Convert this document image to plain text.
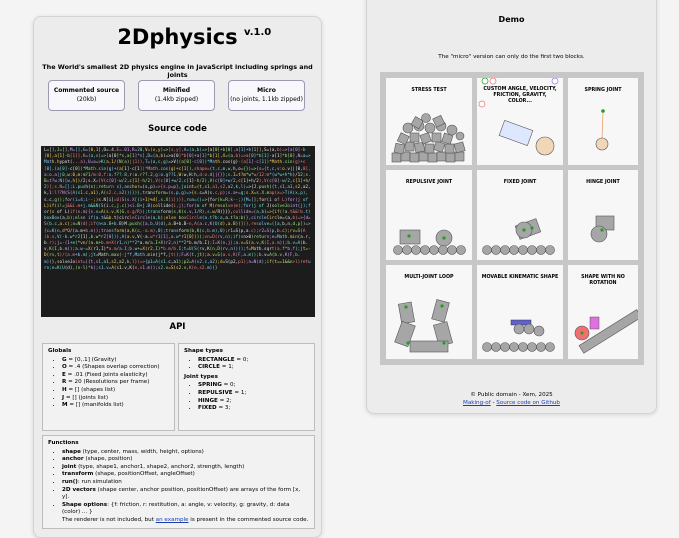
2Dphysics v.1.0
The World's smallest 2D physics engine in JavaScript including springs and joints
Commented source
(20kb)
Minified
(1.4kb zipped)
Micro
(no joints, 1.1kb zipped)
Source code
L=[],J=[],M=[],G=[0,1],O=.4,E=.01,R=20,V=(x,y)=>[x,y],A=(a,b)=>[a[0]+b[0],a[1]+b[1]],S=(a,b)=>[a[0]-b[0],a[1]-b[1]],K=(a,s)=>[a[0]*s,a[1]*s],D=(a,b)=>a[0]*b[0]+a[1]*b[1],X=(a,b)=>a[0]*b[1]-a[1]*b[0],N=a=>Math.hypot(...a),U=a=>K(a,1/(N(a)||1)),T=(a,c,g)=>V((a[0]-c[0])*Math.cos(g)-(a[1]-c[1])*Math.sin(g)+c[0],(a[0]-c[0])*Math.sin(g)+(a[1]-c[1])*Math.cos(g)+c[1]),shape=(t,c,m,w,h,o={})=>{s={t,c,v:o.v||[0,0],a:o.a||0,w:0,m:m?1/m:0,f:o.f??.8,r:o.r??.2,g:o.g??1,W:w,H:h,d:o.d||{}};s.I=t?m*w*w/12:m*(w*w+h*h)/12;s.B=t?w:N([w,h])/2;s.X=[V(c[0]-w/2,c[1]-h/2),V(c[0]+w/2,c[1]-h/2),V(c[0]+w/2,c[1]+h/2),V(c[0]-w/2,c[1]+h/2)];s.N=[];L.push(s);return s},anchor=(s,p)=>{s.p=p},joint=(t,s1,a1,s2,a2,k,l)=>{J.push({t,s1,a1,s2,a2,k,l:l??N(S(A(s1.c,a1),A(s2.c,a2)))})},transform=(s,p,g)=>{s.c=A(s.c,p);s.a+=g;s.X=s.X.map(x=>T(A(x,p),s.c,g));for(i=4;i--;)s.N[i]=U(S(s.X[(i+1)%4],s.X[i]))},run=()=>{for(k=R;k--;){M=[];for(i of L)for(j of L)if(i!=j&&i.m+j.m&&N(S(i.c,j.c))<i.B+j.B)collide(i,j);for(m of M)resolve(m);for(j of J)solveJoint(j);for(s of L)if(s.m){s.v=A(s.v,K(G,s.g/R));transform(s,K(s.v,1/R),s.w/R)}}},collide=(a,b)=>{if(!a.t&&!b.t)boxBox(a,b);else if(a.t&&b.t)circleCircle(a,b);else boxCircle(a.t?b:a,a.t?a:b)},circleCircle=(a,b)=>{d=S(b.c,a.c);n=N(d);if(n<a.B+b.B)M.push([a,b,U(d),a.B+b.B-n,A(a.c,K(U(d),a.B))])},resolve=([a,b,n,d,p])=>{c=K(n,d*O/(a.m+b.m));transform(a,K(c,-a.m),0);transform(b,K(c,b.m),0);r1=S(p,a.c);r2=S(p,b.c);rv=S(A(b.v,V(-b.w*r2[1],b.w*r2[0])),A(a.v,V(-a.w*r1[1],a.w*r1[0])));vn=D(rv,n);if(vn>0)return;e=Math.min(a.r,b.r);j=-(1+e)*vn/(a.m+b.m+X(r1,n)**2*a.m/a.I+X(r2,n)**2*b.m/b.I);I=K(n,j);a.v=S(a.v,K(I,a.m));b.v=A(b.v,K(I,b.m));a.w-=X(r1,I)*a.m/a.I;b.w+=X(r2,I)*b.m/b.I;t=U(S(rv,K(n,D(rv,n))));f=Math.sqrt(a.f*b.f);jt=-D(rv,t)/(a.m+b.m);jt=Math.max(-j*f,Math.min(j*f,jt));F=K(t,jt);a.v=S(a.v,K(F,a.m));b.v=A(b.v,K(F,b.m))},solveJoint=({t,s1,a1,s2,a2,k,l})=>{p1=A(s1.c,a1);p2=A(s2.c,a2);d=S(p2,p1);n=N(d);if(t==1&&n>l)return;e=K(U(d),(n-l)*k);s1.v=A(s1.v,K(e,s1.m));s2.v=S(s2.v,K(e,s2.m))}
API
Globals
• G = [0,.1] (Gravity)
• O = .4 (Shapes overlap correction)
• E = .01 (Fixed joints elasticity)
• R = 20 (Resolutions per frame)
• H = [] (shapes list)
• J = [] (joints list)
• M = [] (manifolds list)
Shape types
• RECTANGLE = 0;
• CIRCLE = 1;
Joint types
• SPRING = 0;
• REPULSIVE = 1;
• HINGE = 2;
• FIXED = 3;
Functions
• shape (type, center, mass, width, height, options)
• anchor (shape, position)
• joint (type, shape1, anchor1, shape2, anchor2, strength, length)
• transform (shape, positionOffset, angleOffset)
• run(): run simulation
• 2D vectors (shape center, anchor position, positionOffset) are arrays of the form [x, y].
• Shape options: {f: friction, r: restitution, a: angle, v: velocity, g: gravity, d: data (color) ... }
The renderer is not included, but an example is present in the commented source code.
Demo
The "micro" version can only do the first two blocks.
STRESS TEST	CUSTOM ANGLE, VELOCITY, FRICTION, GRAVITY, COLOR...
SPRING JOINT
REPULSIVE JOINT	FIXED JOINT	HINGE JOINT
MULTI-JOINT LOOP	MOVABLE KINEMATIC SHAPE	SHAPE WITH NO ROTATION
© Public domain - Xem, 2025
Making-of - Source code on Github
